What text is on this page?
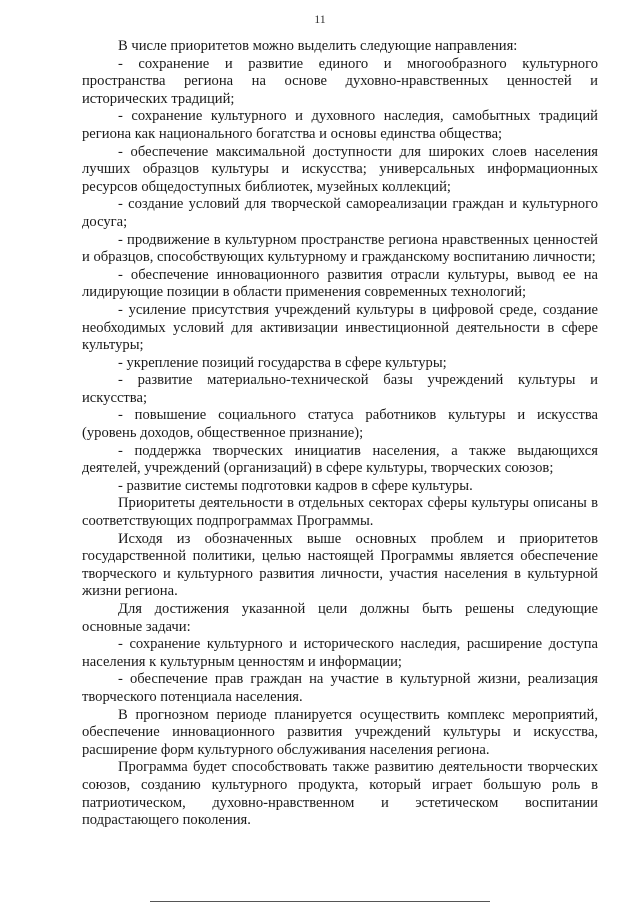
11

В числе приоритетов можно выделить следующие направления:

- сохранение и развитие единого и многообразного культурного пространства региона на основе духовно-нравственных ценностей и исторических традиций;

- сохранение культурного и духовного наследия, самобытных традиций региона как национального богатства и основы единства общества;

- обеспечение максимальной доступности для широких слоев населения лучших образцов культуры и искусства; универсальных информационных ресурсов общедоступных библиотек, музейных коллекций;

- создание условий для творческой самореализации граждан и культурного досуга;

- продвижение в культурном пространстве региона нравственных ценностей и образцов, способствующих культурному и гражданскому воспитанию личности;

- обеспечение инновационного развития отрасли культуры, вывод ее на лидирующие позиции в области применения современных технологий;

- усиление присутствия учреждений культуры в цифровой среде, создание необходимых условий для активизации инвестиционной деятельности в сфере культуры;

- укрепление позиций государства в сфере культуры;

- развитие материально-технической базы учреждений культуры и искусства;

- повышение социального статуса работников культуры и искусства (уровень доходов, общественное признание);

- поддержка творческих инициатив населения, а также выдающихся деятелей, учреждений (организаций) в сфере культуры, творческих союзов;

- развитие системы подготовки кадров в сфере культуры.

Приоритеты деятельности в отдельных секторах сферы культуры описаны в соответствующих подпрограммах Программы.

Исходя из обозначенных выше основных проблем и приоритетов государственной политики, целью настоящей Программы является обеспечение творческого и культурного развития личности, участия населения в культурной жизни региона.

Для достижения указанной цели должны быть решены следующие основные задачи:

- сохранение культурного и исторического наследия, расширение доступа населения к культурным ценностям и информации;

- обеспечение прав граждан на участие в культурной жизни, реализация творческого потенциала населения.

В прогнозном периоде планируется осуществить комплекс мероприятий, обеспечение инновационного развития учреждений культуры и искусства, расширение форм культурного обслуживания населения региона.

Программа будет способствовать также развитию деятельности творческих союзов, созданию культурного продукта, который играет большую роль в патриотическом, духовно-нравственном и эстетическом воспитании подрастающего поколения.
